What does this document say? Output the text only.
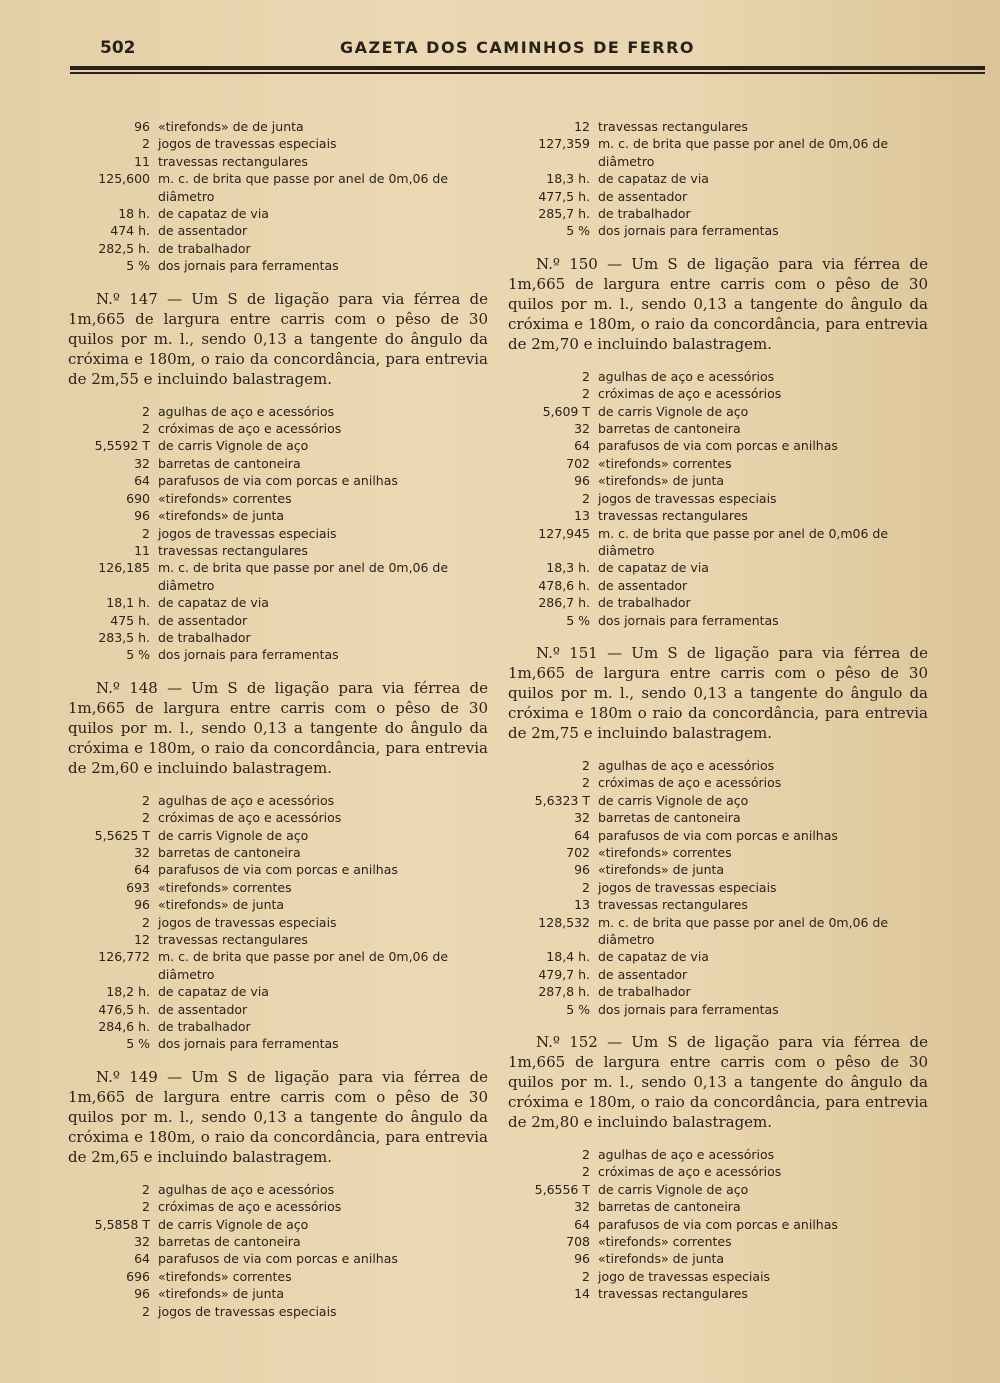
502	GAZETA DOS CAMINHOS DE FERRO
96 «tirefonds» de de junta
2 jogos de travessas especiais
11 travessas rectangulares
125,600 m. c. de brita que passe por anel de 0m,06 de diâmetro
18 h. de capataz de via
474 h. de assentador
282,5 h. de trabalhador
5 % dos jornais para ferramentas

N.º 147 — Um S de ligação para via férrea de 1m,665 de largura entre carris com o pêso de 30 quilos por m. l., sendo 0,13 a tangente do ângulo da cróxima e 180m, o raio da concordância, para entrevia de 2m,55 e incluindo balastragem.

2 agulhas de aço e acessórios
2 cróximas de aço e acessórios
5,5592 T de carris Vignole de aço
32 barretas de cantoneira
64 parafusos de via com porcas e anilhas
690 «tirefonds» correntes
96 «tirefonds» de junta
2 jogos de travessas especiais
11 travessas rectangulares
126,185 m. c. de brita que passe por anel de 0m,06 de diâmetro
18,1 h. de capataz de via
475 h. de assentador
283,5 h. de trabalhador
5 % dos jornais para ferramentas

N.º 148 — Um S de ligação para via férrea de 1m,665 de largura entre carris com o pêso de 30 quilos por m. l., sendo 0,13 a tangente do ângulo da cróxima e 180m, o raio da concordância, para entrevia de 2m,60 e incluindo balastragem.

2 agulhas de aço e acessórios
2 cróximas de aço e acessórios
5,5625 T de carris Vignole de aço
32 barretas de cantoneira
64 parafusos de via com porcas e anilhas
693 «tirefonds» correntes
96 «tirefonds» de junta
2 jogos de travessas especiais
12 travessas rectangulares
126,772 m. c. de brita que passe por anel de 0m,06 de diâmetro
18,2 h. de capataz de via
476,5 h. de assentador
284,6 h. de trabalhador
5 % dos jornais para ferramentas

N.º 149 — Um S de ligação para via férrea de 1m,665 de largura entre carris com o pêso de 30 quilos por m. l., sendo 0,13 a tangente do ângulo da cróxima e 180m, o raio da concordância, para entrevia de 2m,65 e incluindo balastragem.

2 agulhas de aço e acessórios
2 cróximas de aço e acessórios
5,5858 T de carris Vignole de aço
32 barretas de cantoneira
64 parafusos de via com porcas e anilhas
696 «tirefonds» correntes
96 «tirefonds» de junta
2 jogos de travessas especiais
12 travessas rectangulares
127,359 m. c. de brita que passe por anel de 0m,06 de diâmetro
18,3 h. de capataz de via
477,5 h. de assentador
285,7 h. de trabalhador
5 % dos jornais para ferramentas

N.º 150 — Um S de ligação para via férrea de 1m,665 de largura entre carris com o pêso de 30 quilos por m. l., sendo 0,13 a tangente do ângulo da cróxima e 180m, o raio da concordância, para entrevia de 2m,70 e incluindo balastragem.

2 agulhas de aço e acessórios
2 cróximas de aço e acessórios
5,609 T de carris Vignole de aço
32 barretas de cantoneira
64 parafusos de via com porcas e anilhas
702 «tirefonds» correntes
96 «tirefonds» de junta
2 jogos de travessas especiais
13 travessas rectangulares
127,945 m. c. de brita que passe por anel de 0,m06 de diâmetro
18,3 h. de capataz de via
478,6 h. de assentador
286,7 h. de trabalhador
5 % dos jornais para ferramentas

N.º 151 — Um S de ligação para via férrea de 1m,665 de largura entre carris com o pêso de 30 quilos por m. l., sendo 0,13 a tangente do ângulo da cróxima e 180m o raio da concordância, para entrevia de 2m,75 e incluindo balastragem.

2 agulhas de aço e acessórios
2 cróximas de aço e acessórios
5,6323 T de carris Vignole de aço
32 barretas de cantoneira
64 parafusos de via com porcas e anilhas
702 «tirefonds» correntes
96 «tirefonds» de junta
2 jogos de travessas especiais
13 travessas rectangulares
128,532 m. c. de brita que passe por anel de 0m,06 de diâmetro
18,4 h. de capataz de via
479,7 h. de assentador
287,8 h. de trabalhador
5 % dos jornais para ferramentas

N.º 152 — Um S de ligação para via férrea de 1m,665 de largura entre carris com o pêso de 30 quilos por m. l., sendo 0,13 a tangente do ângulo da cróxima e 180m, o raio da concordância, para entrevia de 2m,80 e incluindo balastragem.

2 agulhas de aço e acessórios
2 cróximas de aço e acessórios
5,6556 T de carris Vignole de aço
32 barretas de cantoneira
64 parafusos de via com porcas e anilhas
708 «tirefonds» correntes
96 «tirefonds» de junta
2 jogo de travessas especiais
14 travessas rectangulares
